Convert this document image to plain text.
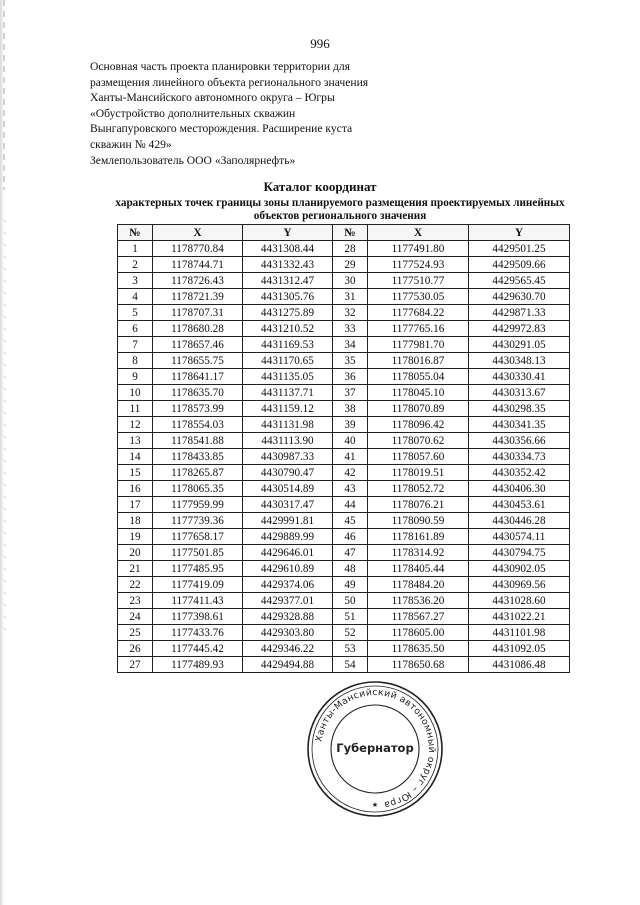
996
Основная часть проекта планировки территории для
размещения линейного объекта регионального значения
Ханты-Мансийского автономного округа – Югры
«Обустройство дополнительных скважин
Вынгапуровского месторождения. Расширение куста
скважин № 429»
Землепользователь ООО «Заполярнефть»
Каталог координат
характерных точек границы зоны планируемого размещения проектируемых линейных
объектов регионального значения
№	X	Y	№	X	Y
1	1178770.84	4431308.44	28	1177491.80	4429501.25
2	1178744.71	4431332.43	29	1177524.93	4429509.66
3	1178726.43	4431312.47	30	1177510.77	4429565.45
4	1178721.39	4431305.76	31	1177530.05	4429630.70
5	1178707.31	4431275.89	32	1177684.22	4429871.33
6	1178680.28	4431210.52	33	1177765.16	4429972.83
7	1178657.46	4431169.53	34	1177981.70	4430291.05
8	1178655.75	4431170.65	35	1178016.87	4430348.13
9	1178641.17	4431135.05	36	1178055.04	4430330.41
10	1178635.70	4431137.71	37	1178045.10	4430313.67
11	1178573.99	4431159.12	38	1178070.89	4430298.35
12	1178554.03	4431131.98	39	1178096.42	4430341.35
13	1178541.88	4431113.90	40	1178070.62	4430356.66
14	1178433.85	4430987.33	41	1178057.60	4430334.73
15	1178265.87	4430790.47	42	1178019.51	4430352.42
16	1178065.35	4430514.89	43	1178052.72	4430406.30
17	1177959.99	4430317.47	44	1178076.21	4430453.61
18	1177739.36	4429991.81	45	1178090.59	4430446.28
19	1177658.17	4429889.99	46	1178161.89	4430574.11
20	1177501.85	4429646.01	47	1178314.92	4430794.75
21	1177485.95	4429610.89	48	1178405.44	4430902.05
22	1177419.09	4429374.06	49	1178484.20	4430969.56
23	1177411.43	4429377.01	50	1178536.20	4431028.60
24	1177398.61	4429328.88	51	1178567.27	4431022.21
25	1177433.76	4429303.80	52	1178605.00	4431101.98
26	1177445.42	4429346.22	53	1178635.50	4431092.05
27	1177489.93	4429494.88	54	1178650.68	4431086.48
Ханты-Мансийский автономный округ – Югра
Губернатор
★
